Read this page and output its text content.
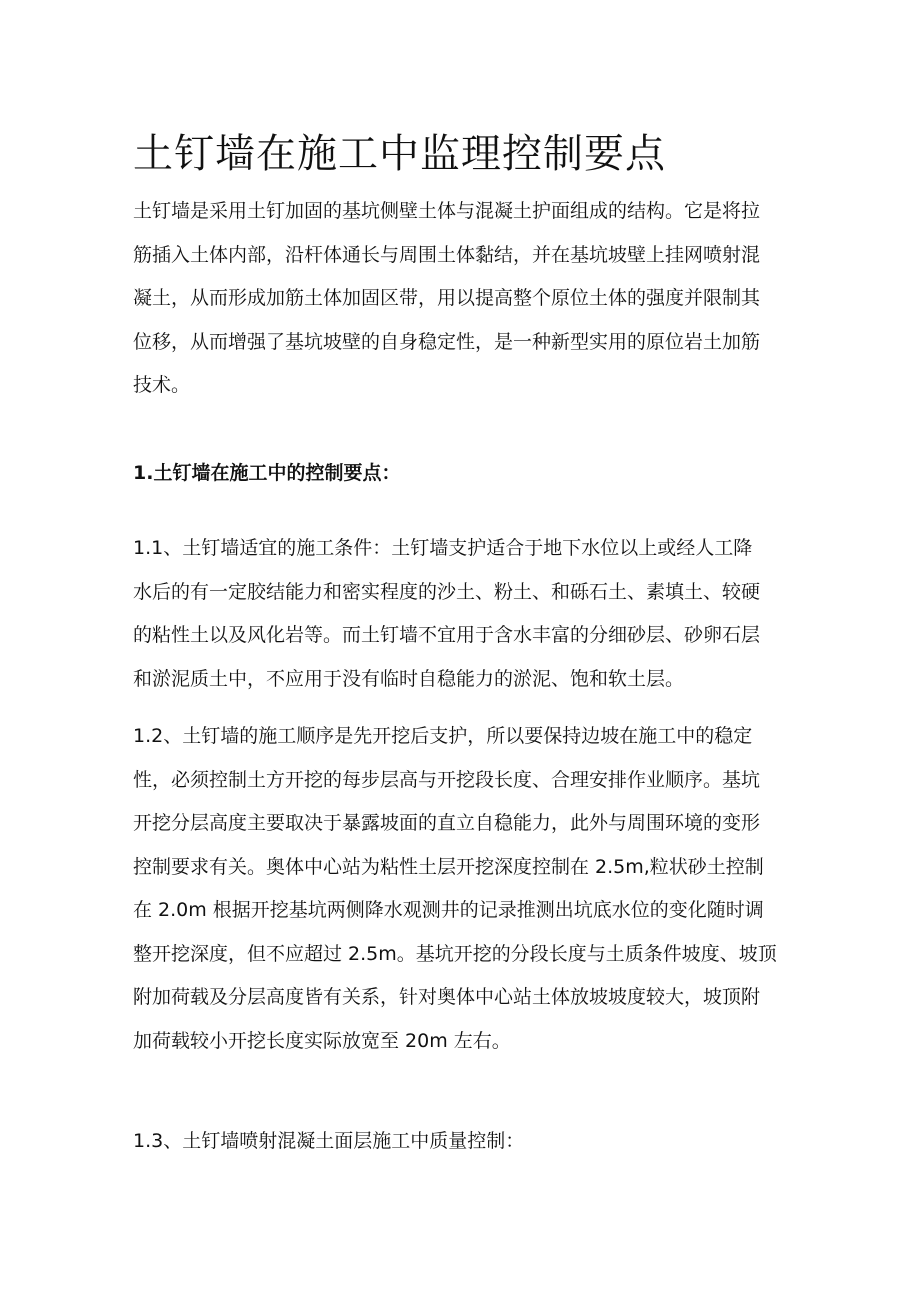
土钉墙在施工中监理控制要点
土钉墙是采用土钉加固的基坑侧壁土体与混凝土护面组成的结构。它是将拉
筋插入土体内部，沿杆体通长与周围土体黏结，并在基坑坡壁上挂网喷射混
凝土，从而形成加筋土体加固区带，用以提高整个原位土体的强度并限制其
位移，从而增强了基坑坡壁的自身稳定性，是一种新型实用的原位岩土加筋
技术。
1.土钉墙在施工中的控制要点：
1.1、土钉墙适宜的施工条件：土钉墙支护适合于地下水位以上或经人工降
水后的有一定胶结能力和密实程度的沙土、粉土、和砾石土、素填土、较硬
的粘性土以及风化岩等。而土钉墙不宜用于含水丰富的分细砂层、砂卵石层
和淤泥质土中，不应用于没有临时自稳能力的淤泥、饱和软土层。
1.2、土钉墙的施工顺序是先开挖后支护，所以要保持边坡在施工中的稳定
性，必须控制土方开挖的每步层高与开挖段长度、合理安排作业顺序。基坑
开挖分层高度主要取决于暴露坡面的直立自稳能力，此外与周围环境的变形
控制要求有关。奥体中心站为粘性土层开挖深度控制在 2.5m,粒状砂土控制
在 2.0m 根据开挖基坑两侧降水观测井的记录推测出坑底水位的变化随时调
整开挖深度，但不应超过 2.5m。基坑开挖的分段长度与土质条件坡度、坡顶
附加荷载及分层高度皆有关系，针对奥体中心站土体放坡坡度较大，坡顶附
加荷载较小开挖长度实际放宽至 20m 左右。
1.3、土钉墙喷射混凝土面层施工中质量控制：
